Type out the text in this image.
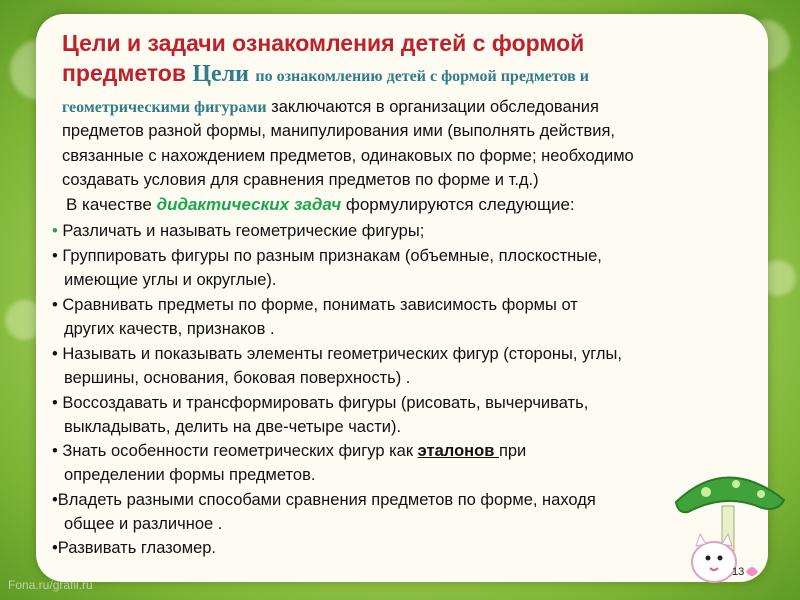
Цели и задачи ознакомления детей с формой
предметов Цели по ознакомлению детей с формой предметов и
геометрическими фигурами заключаются в организации обследования
предметов разной формы, манипулирования ими (выполнять действия,
связанные с нахождением предметов, одинаковых по форме; необходимо
создавать условия для сравнения предметов по форме и т.д.)
В качестве дидактических задач формулируются следующие:
• Различать и называть геометрические фигуры;
• Группировать фигуры по разным признакам (объемные, плоскостные,
имеющие углы и округлые).
• Сравнивать предметы по форме, понимать зависимость формы от
других качеств, признаков .
• Называть и показывать элементы геометрических фигур (стороны, углы,
вершины, основания, боковая поверхность) .
• Воссоздавать и трансформировать фигуры (рисовать, вычерчивать,
выкладывать, делить на две-четыре части).
• Знать особенности геометрических фигур как эталонов при
определении формы предметов.
•Владеть разными способами сравнения предметов по форме, находя
общее и различное .
•Развивать глазомер.
13
Fona.ru/grafil.ru
